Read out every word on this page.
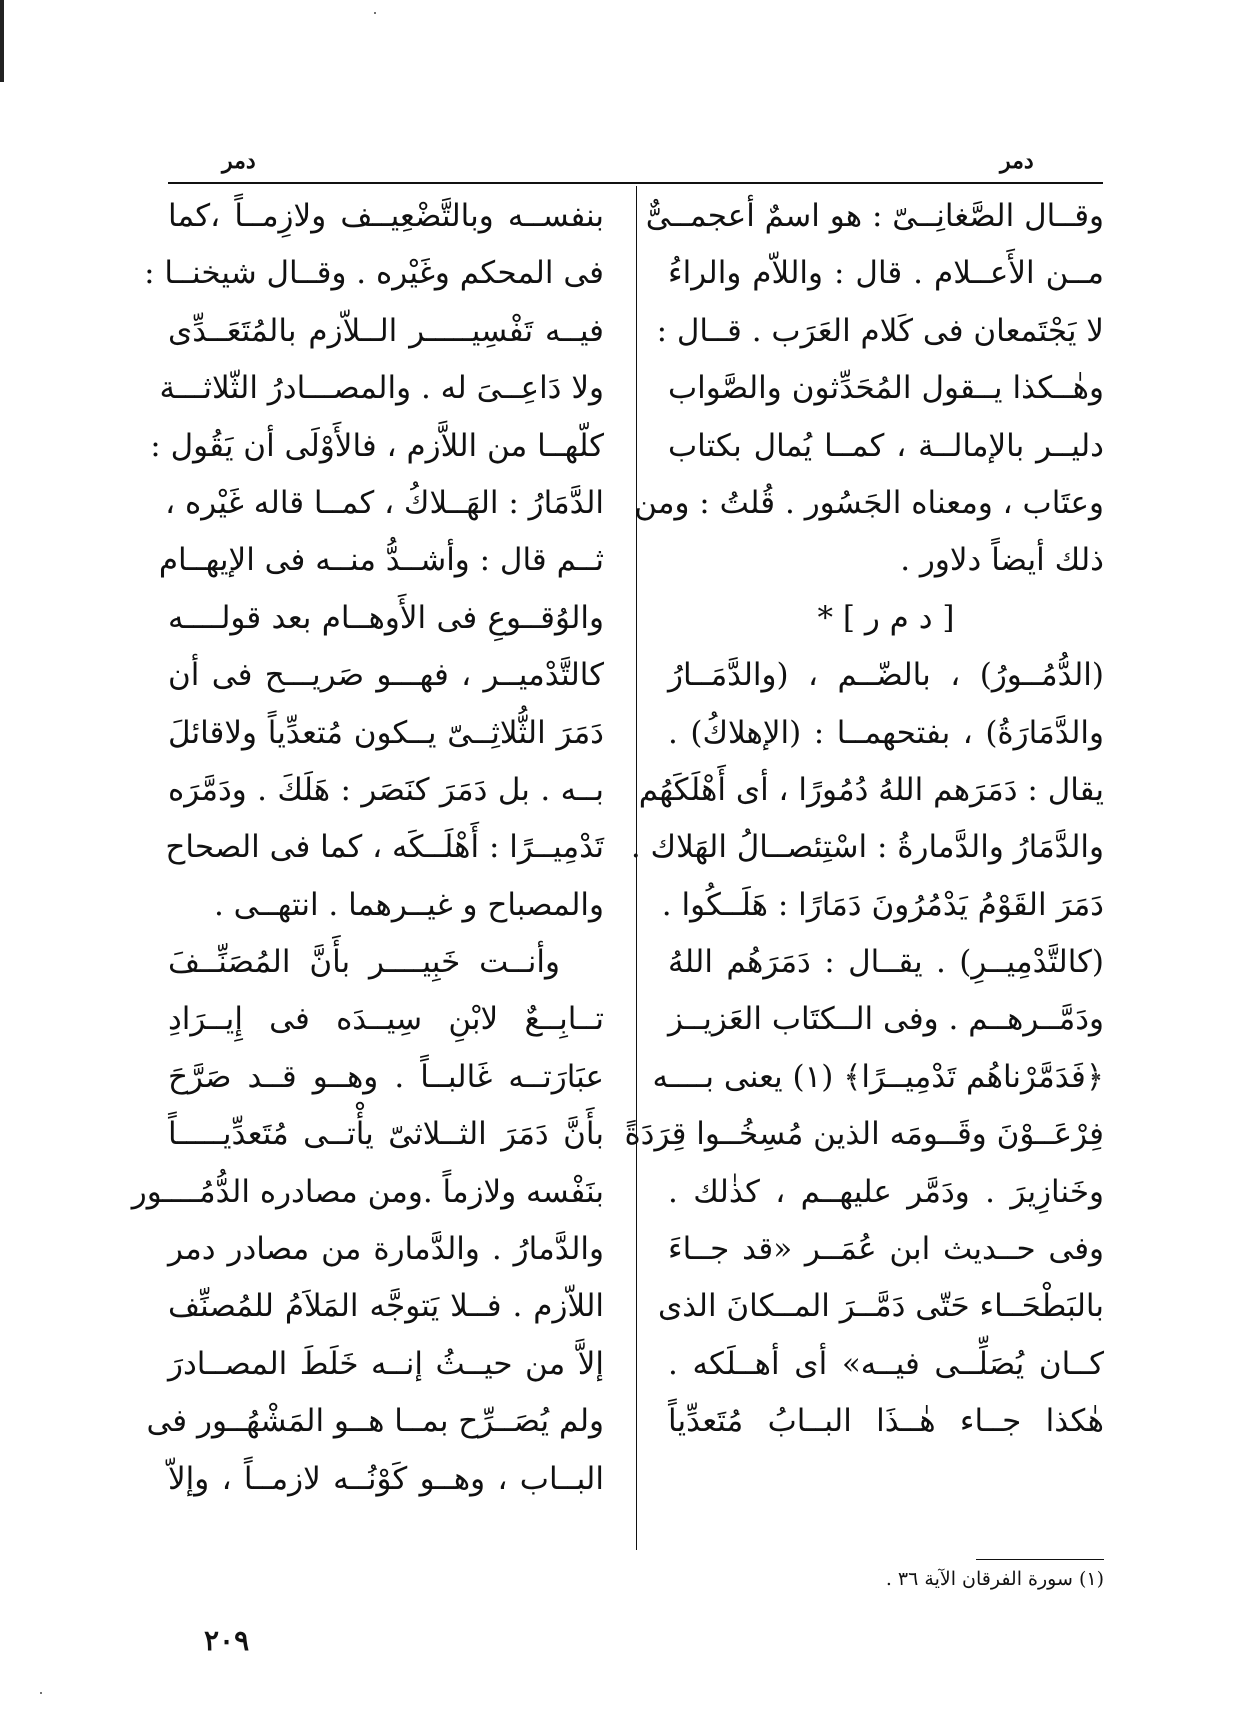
دمر
دمر
وقــال الصَّغانِــىّ : هو اسمٌ أعجمــىٌّ
مــن الأَعــلام . قال : واللاّم والراءُ
لا يَجْتَمعان فى كَلام العَرَب . قــال :
وهٰــكذا يــقول المُحَدِّثون والصَّواب
دليــر بالإمالــة ، كمــا يُمال بكتاب
وعتَاب ، ومعناه الجَسُور . قُلتُ : ومن
ذلك أيضاً دلاور .
[ د م ر ] *
(الدُّمُــورُ) ، بالضّــم ، (والدَّمَــارُ
والدَّمَارَةُ) ، بفتحهمــا : (الإهلاكُ) .
يقال : دَمَرَهم اللهُ دُمُورًا ، أى أَهْلَكَهُم
والدَّمَارُ والدَّمارةُ : اسْتِئصــالُ الهَلاك .
دَمَرَ القَوْمُ يَدْمُرُونَ دَمَارًا : هَلَــكُوا .
(كالتَّدْمِيــرِ) . يقــال : دَمَرَهُم اللهُ
ودَمَّــرهــم . وفى الــكتَاب العَزيــز
﴿فَدَمَّرْناهُم تَدْمِيــرًا﴾ (١) يعنى بــــه
فِرْعَــوْنَ وقَــومَه الذين مُسِخُــوا قِرَدَةً
وخَنازِيرَ . ودَمَّر عليهــم ، كذٰلك .
وفى حــديث ابن عُمَــر «قد جــاءَ
بالبَطْحَــاء حَتّى دَمَّــرَ المــكانَ الذى
كــان يُصَلِّــى فيــه» أى أهــلَكه .
هٰكذا جــاء هٰــذَا البــابُ مُتَعدِّياً
بنفســه وبالتَّضْعِيــف ولازِمــاً ،كما
فى المحكم وغَيْره . وقــال شيخنــا :
فيــه تَفْسِيـــــر الــلاّزم بالمُتَعَــدِّى
ولا دَاعِــىَ له . والمصـــادرُ الثّلاثـــة
كلّهــا من اللاَّزم ، فالأَوْلَى أن يَقُول :
الدَّمَارُ : الهَــلاكُ ، كمــا قاله غَيْره ،
ثــم قال : وأشــدُّ منــه فى الإيهــام
والوُقــوعِ فى الأَوهــام بعد قولــــه
كالتَّدْميــر ، فهـــو صَريـــح فى أن
دَمَرَ الثُّلاثِــىّ يــكون مُتعدِّياً ولاقائلَ
بــه . بل دَمَرَ كنَصَر : هَلَكَ . ودَمَّرَه
تَدْمِيــرًا : أَهْلَــكَه ، كما فى الصحاح
والمصباح و غيــرهما . انتهــى .
وأنــت خَبِيــــر بأَنَّ المُصَنِّــفَ
تــابِــعٌ لابْنِ سِيــدَه فى إِيــرَادِ
عبَارَتــه غَالبــاً . وهــو قــد صَرَّحَ
بأَنَّ دَمَرَ الثــلاثىّ يأْتــى مُتَعدِّيـــــاً
بنَفْسه ولازماً .ومن مصادره الدُّمُــــور
والدَّمارُ . والدَّمارة من مصادر دمر
اللاّزم . فــلا يَتوجَّه المَلاَمُ للمُصنِّف
إلاَّ من حيــثُ إنــه خَلَطَ المصــادرَ
ولم يُصَــرِّح بمــا هــو المَشْهُــور فى
البــاب ، وهــو كَوْنُــه لازمــاً ، وإلاّ
(١) سورة الفرقان الآية ٣٦ .
٢٠٩
